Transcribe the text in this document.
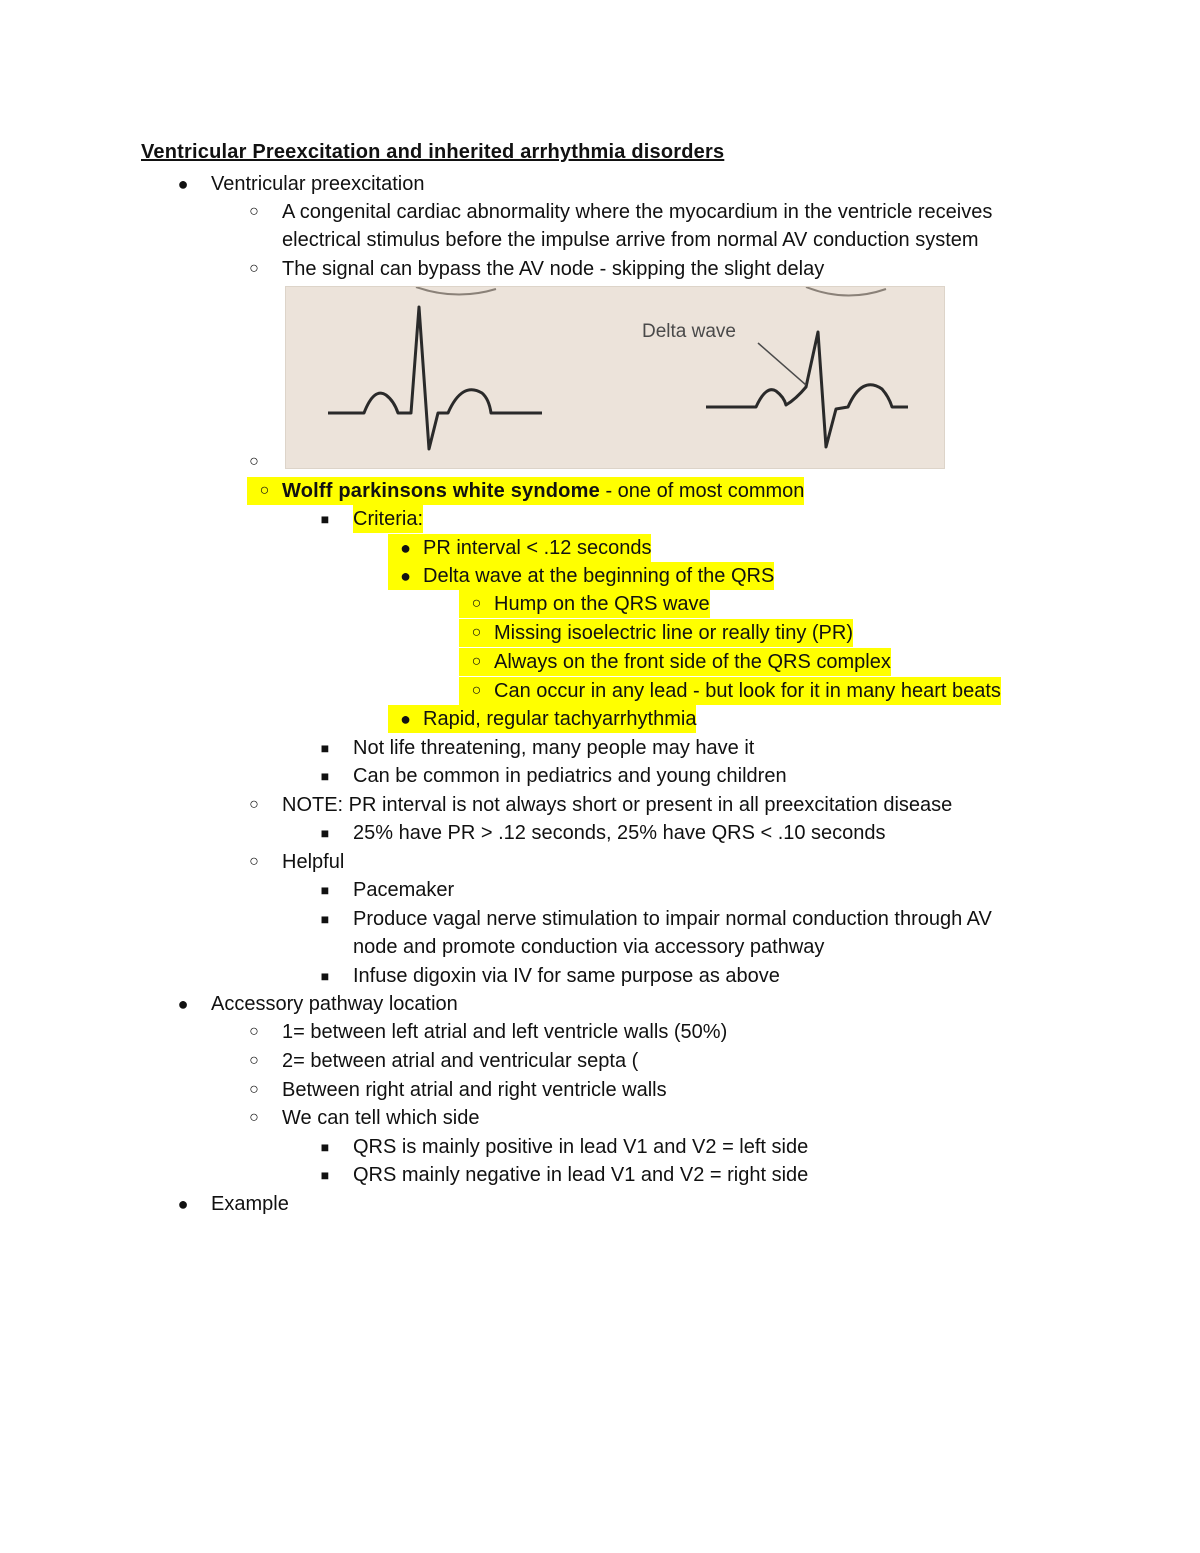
Ventricular Preexcitation and inherited arrhythmia disorders
● Ventricular preexcitation
○ A congenital cardiac abnormality where the myocardium in the ventricle receives
electrical stimulus before the impulse arrive from normal AV conduction system
○ The signal can bypass the AV node - skipping the slight delay
○
Delta wave
○ Wolff parkinsons white syndome - one of most common
■ Criteria:
● PR interval < .12 seconds
● Delta wave at the beginning of the QRS
○ Hump on the QRS wave
○ Missing isoelectric line or really tiny (PR)
○ Always on the front side of the QRS complex
○ Can occur in any lead - but look for it in many heart beats
● Rapid, regular tachyarrhythmia
■ Not life threatening, many people may have it
■ Can be common in pediatrics and young children
○ NOTE: PR interval is not always short or present in all preexcitation disease
■ 25% have PR > .12 seconds, 25% have QRS < .10 seconds
○ Helpful
■ Pacemaker
■ Produce vagal nerve stimulation to impair normal conduction through AV
node and promote conduction via accessory pathway
■ Infuse digoxin via IV for same purpose as above
● Accessory pathway location
○ 1= between left atrial and left ventricle walls (50%)
○ 2= between atrial and ventricular septa (
○ Between right atrial and right ventricle walls
○ We can tell which side
■ QRS is mainly positive in lead V1 and V2 = left side
■ QRS mainly negative in lead V1 and V2 = right side
● Example
